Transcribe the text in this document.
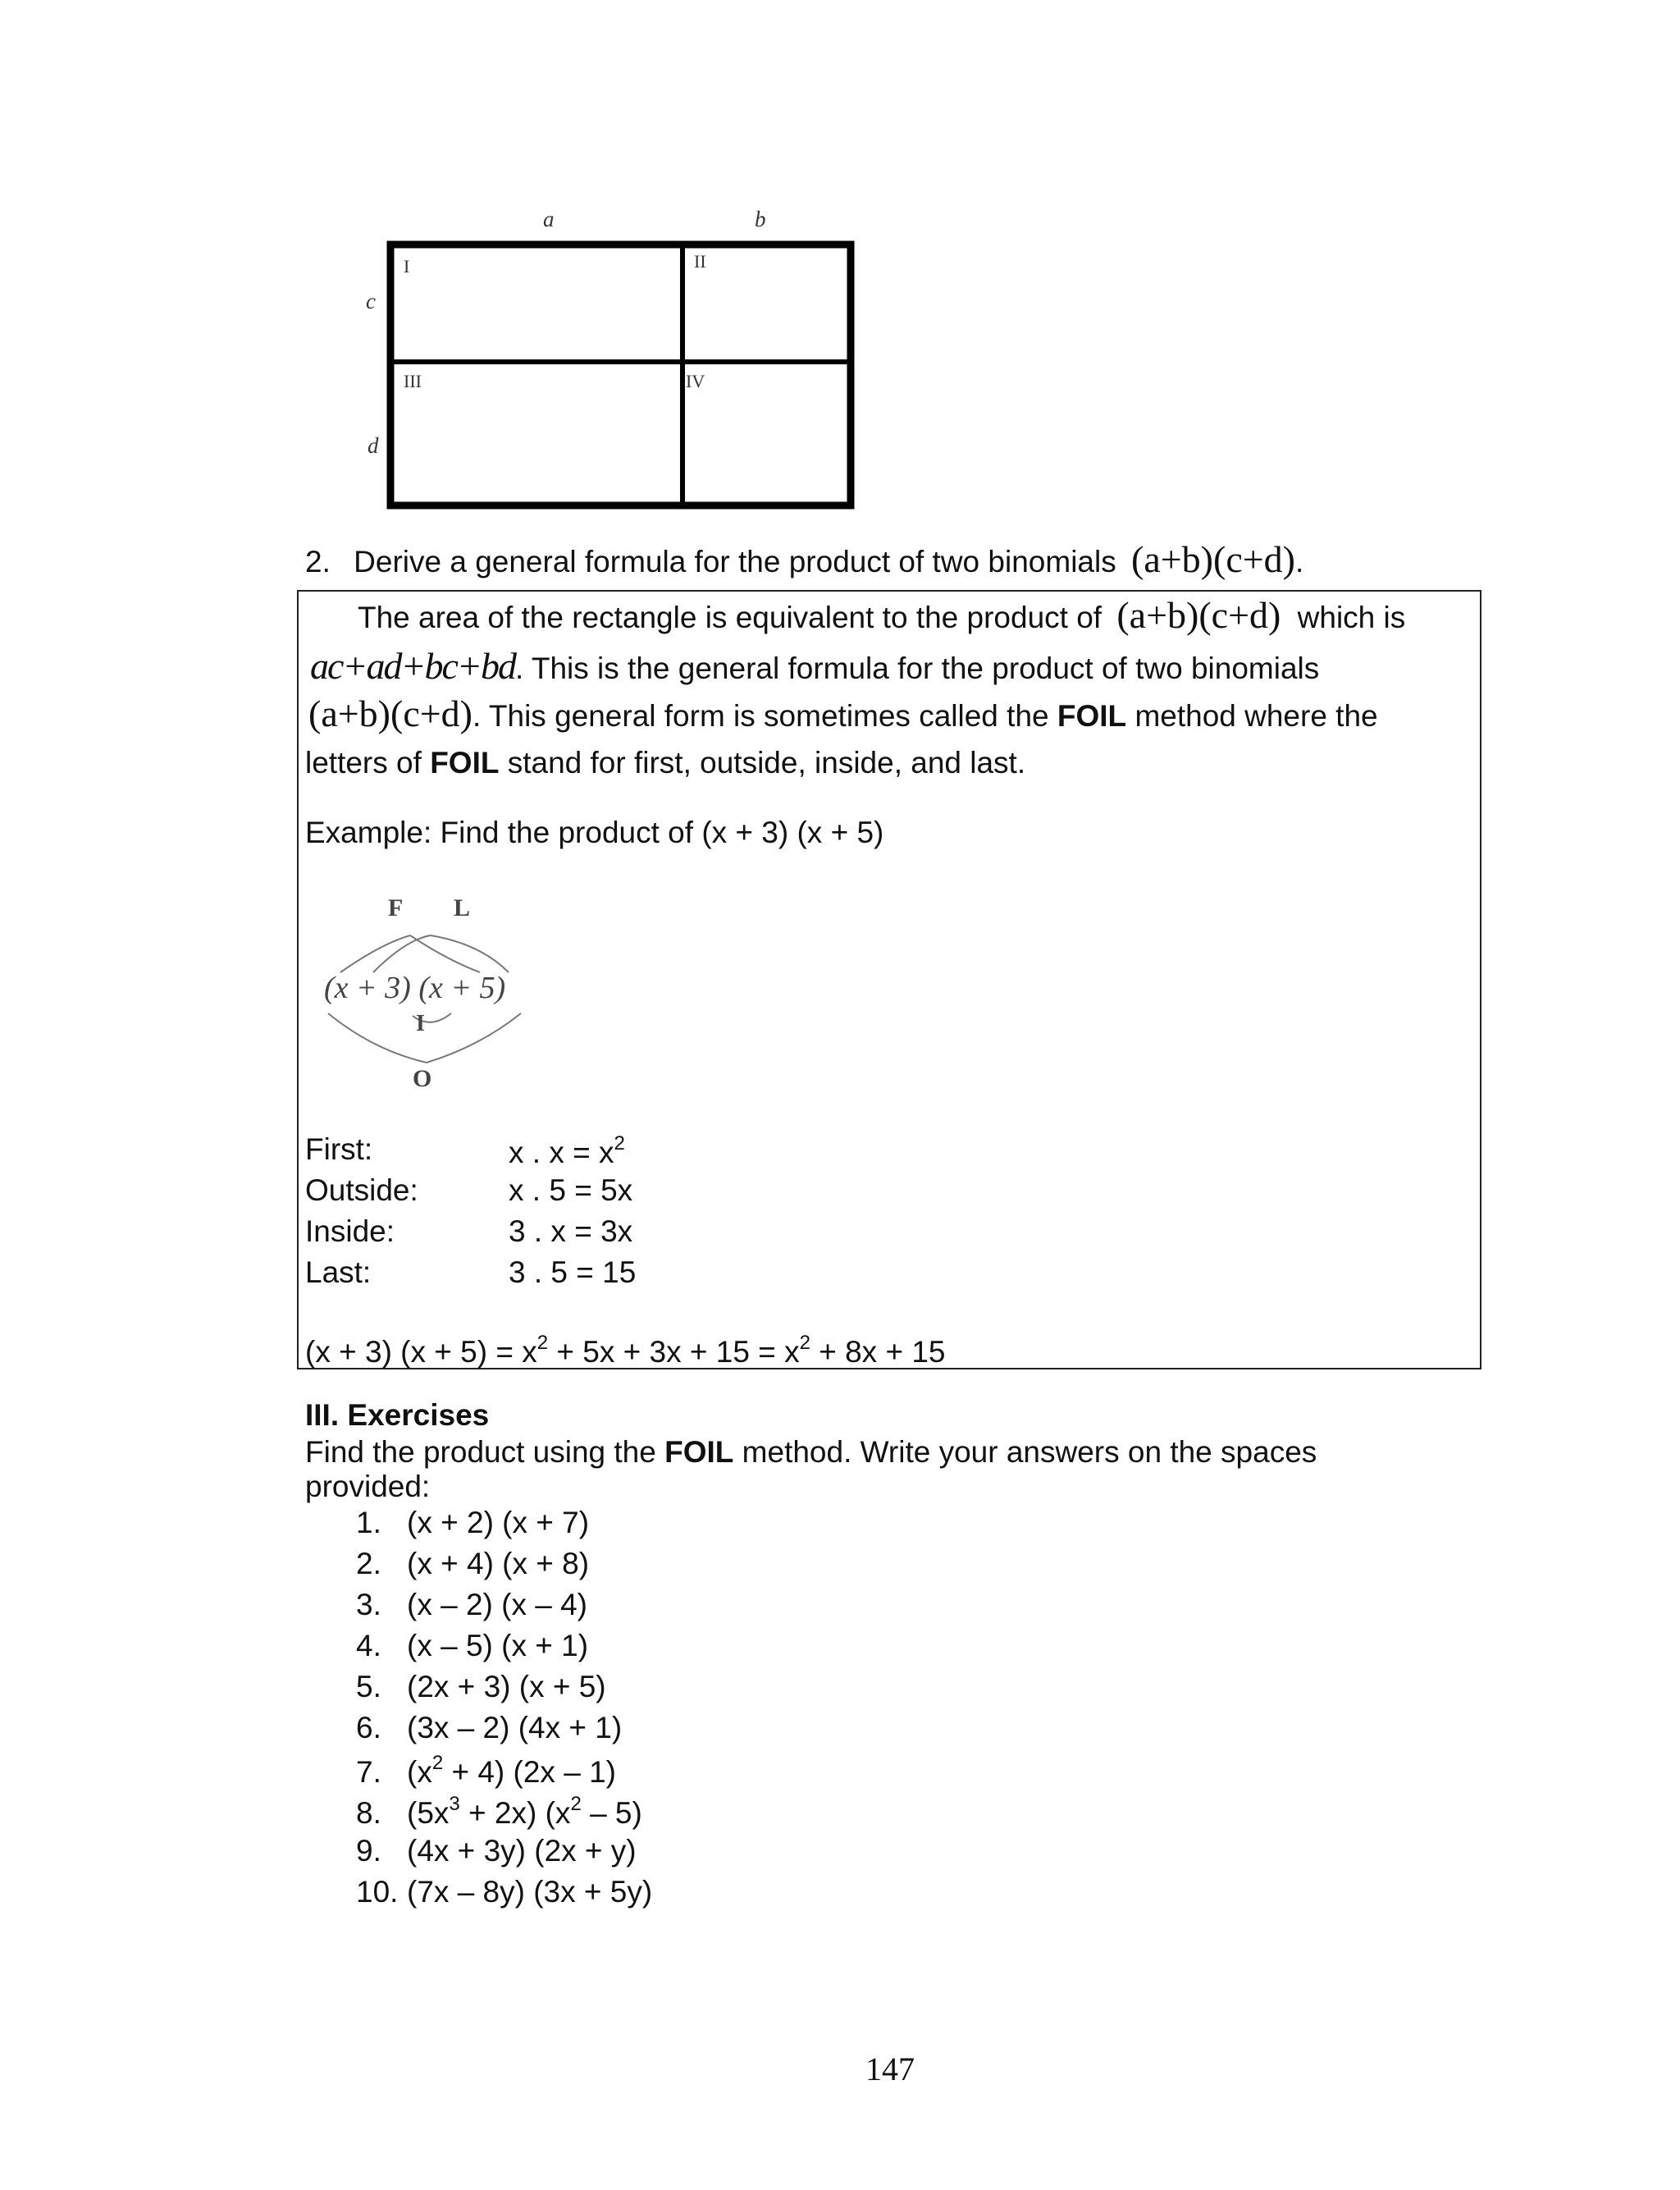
a	b
c
d
I	II
III	IV
2. Derive a general formula for the product of two binomials (a+b)(c+d).
The area of the rectangle is equivalent to the product of (a+b)(c+d) which is
ac+ad+bc+bd. This is the general formula for the product of two binomials
(a+b)(c+d). This general form is sometimes called the FOIL method where the
letters of FOIL stand for first, outside, inside, and last.
Example: Find the product of (x + 3) (x + 5)
F L
(x + 3) (x + 5)
I
O
First:	x . $x = x^2$
Outside:	x . 5 = 5x
Inside:	3 . x = 3x
Last:	3 . 5 = 15
(x + 3) $(x + 5) = x^2 + 5x + 3x + 15 = x^2 + 8x + 15$
III. Exercises
Find the product using the FOIL method. Write your answers on the spaces
provided:
1. (x + 2) (x + 7)
2. (x + 4) (x + 8)
3. (x – 2) (x – 4)
4. (x – 5) (x + 1)
5. (2x + 3) (x + 5)
6. (3x – 2) (4x + 1)
7. $(x^2 + 4)$ (2x – 1)
8. $(5x^3 + 2x)$ $(x^2 - 5)$
9. (4x + 3y) (2x + y)
10. (7x – 8y) (3x + 5y)
147
